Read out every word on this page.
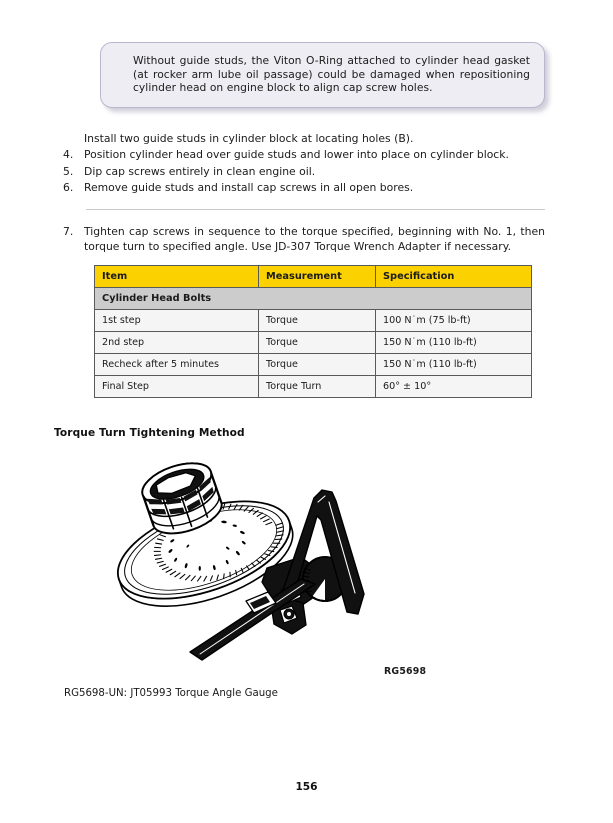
Without guide studs, the Viton O-Ring attached to cylinder head gasket (at rocker arm lube oil passage) could be damaged when repositioning cylinder head on engine block to align cap screw holes.

Install two guide studs in cylinder block at locating holes (B).

4. Position cylinder head over guide studs and lower into place on cylinder block.
5. Dip cap screws entirely in clean engine oil.
6. Remove guide studs and install cap screws in all open bores.
7. Tighten cap screws in sequence to the torque specified, beginning with No. 1, then torque turn to specified angle. Use JD-307 Torque Wrench Adapter if necessary.
Item	Measurement	Specification
Cylinder Head Bolts		
1st step	Torque	100 N˙m (75 lb-ft)
2nd step	Torque	150 N˙m (110 lb-ft)
Recheck after 5 minutes	Torque	150 N˙m (110 lb-ft)
Final Step	Torque Turn	60° ± 10°
Torque Turn Tightening Method
RG5698
RG5698-UN: JT05993 Torque Angle Gauge
156
